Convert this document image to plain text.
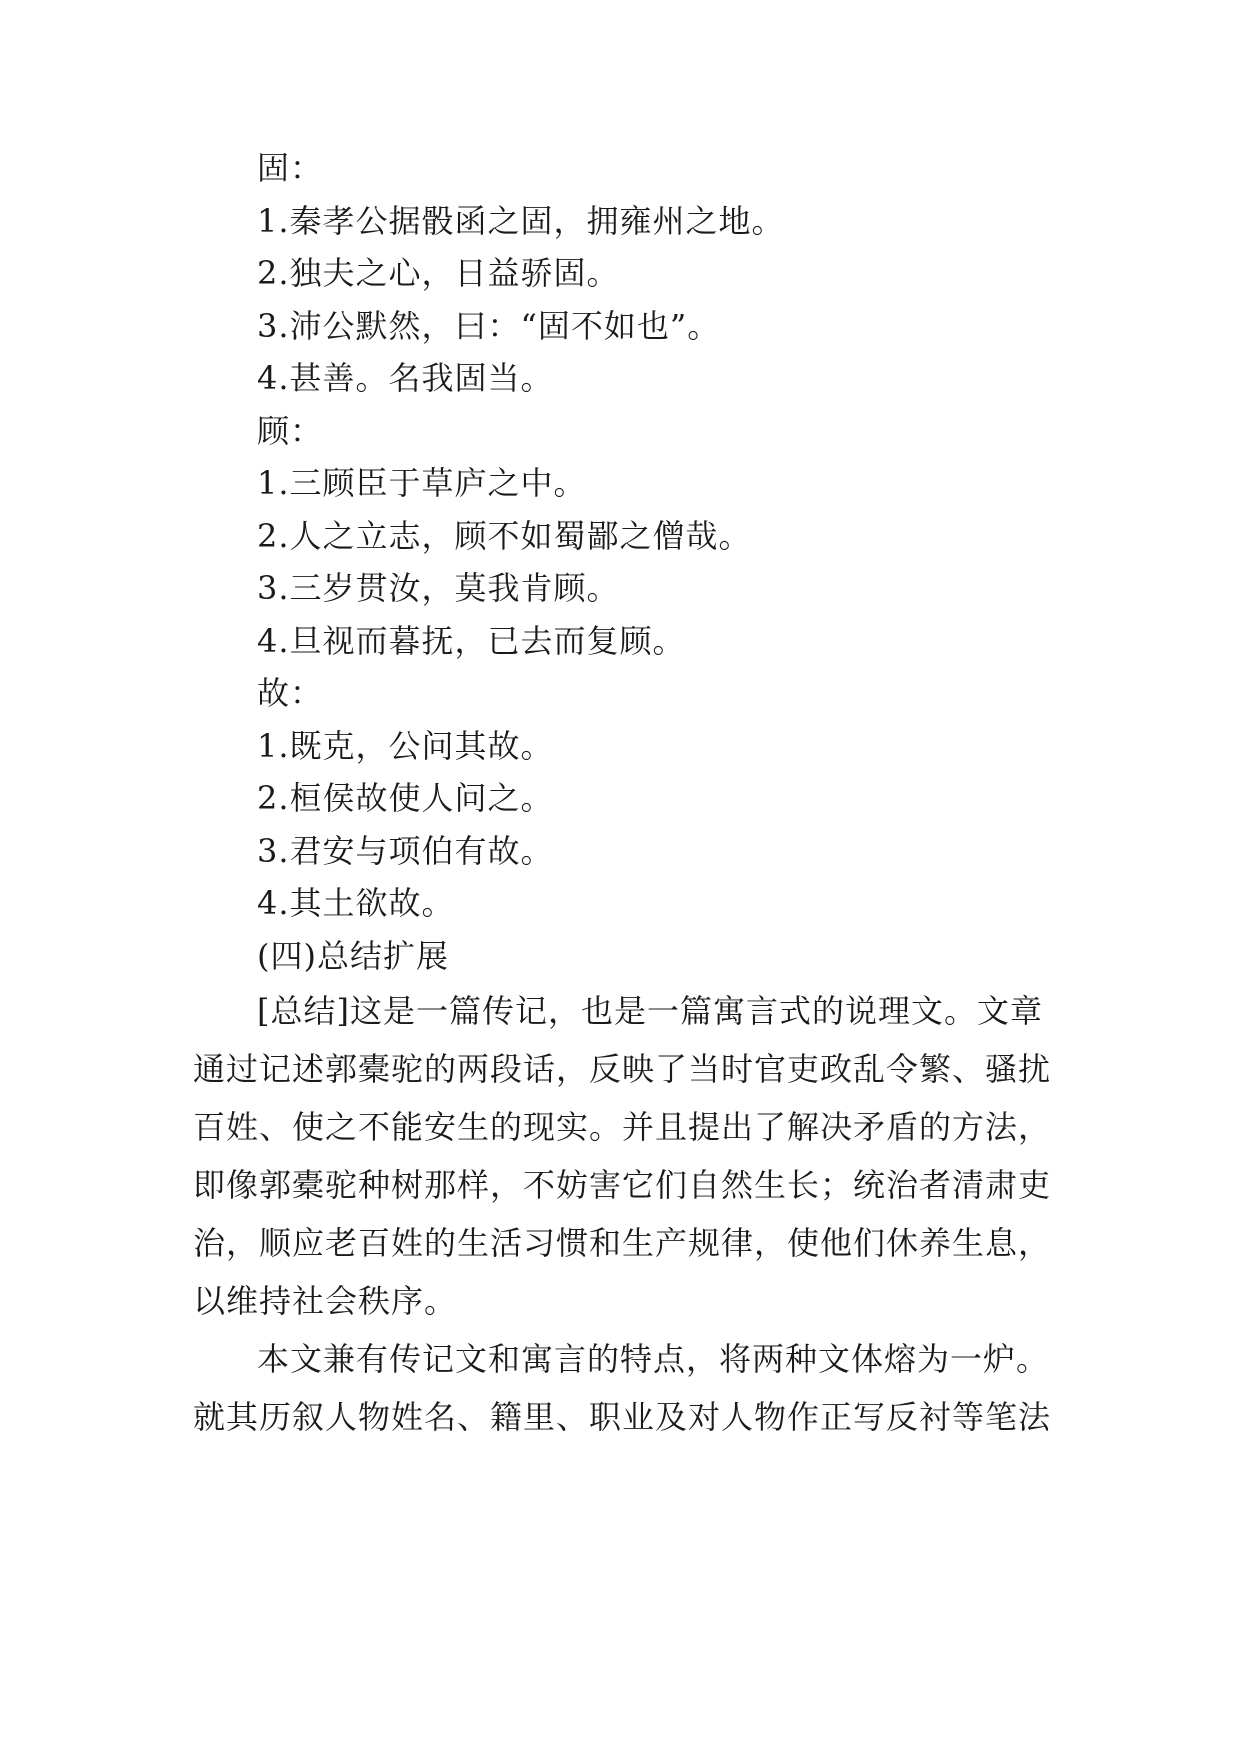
固：
1.秦孝公据骰函之固，拥雍州之地。
2.独夫之心，日益骄固。
3.沛公默然，曰：“固不如也”。
4.甚善。名我固当。
顾：
1.三顾臣于草庐之中。
2.人之立志，顾不如蜀鄙之僧哉。
3.三岁贯汝，莫我肯顾。
4.旦视而暮抚，已去而复顾。
故：
1.既克，公问其故。
2.桓侯故使人问之。
3.君安与项伯有故。
4.其土欲故。
(四)总结扩展
[总结]这是一篇传记，也是一篇寓言式的说理文。文章
通过记述郭橐驼的两段话，反映了当时官吏政乱令繁、骚扰
百姓、使之不能安生的现实。并且提出了解决矛盾的方法，
即像郭橐驼种树那样，不妨害它们自然生长；统治者清肃吏
治，顺应老百姓的生活习惯和生产规律，使他们休养生息，
以维持社会秩序。
本文兼有传记文和寓言的特点，将两种文体熔为一炉。
就其历叙人物姓名、籍里、职业及对人物作正写反衬等笔法
